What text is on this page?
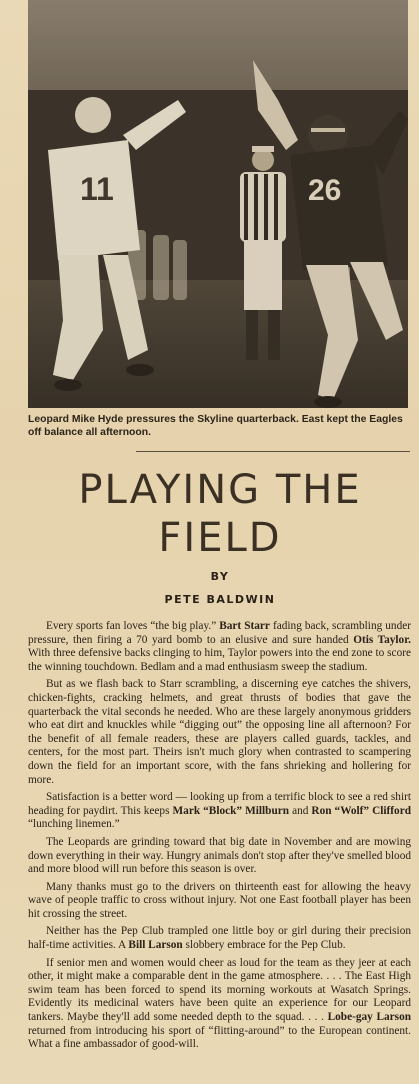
11	26
Leopard Mike Hyde pressures the Skyline quarterback. East kept the Eagles off balance all afternoon.
PLAYING THE
FIELD
BY
PETE BALDWIN

Every sports fan loves “the big play.” Bart Starr fading back, scrambling under pressure, then firing a 70 yard bomb to an elusive and sure handed Otis Taylor. With three defensive backs clinging to him, Taylor powers into the end zone to score the winning touchdown. Bedlam and a mad enthusiasm sweep the stadium.

But as we flash back to Starr scrambling, a discerning eye catches the shivers, chicken-fights, cracking helmets, and great thrusts of bodies that gave the quarterback the vital seconds he needed. Who are these largely anonymous gridders who eat dirt and knuckles while “digging out” the opposing line all afternoon? For the benefit of all female readers, these are players called guards, tackles, and centers, for the most part. Theirs isn't much glory when contrasted to scampering down the field for an important score, with the fans shrieking and hollering for more.

Satisfaction is a better word — looking up from a terrific block to see a red shirt heading for paydirt. This keeps Mark “Block” Millburn and Ron “Wolf” Clifford “lunching linemen.”

The Leopards are grinding toward that big date in November and are mowing down everything in their way. Hungry animals don't stop after they've smelled blood and more blood will run before this season is over.

Many thanks must go to the drivers on thirteenth east for allowing the heavy wave of people traffic to cross without injury. Not one East football player has been hit crossing the street.

Neither has the Pep Club trampled one little boy or girl during their precision half-time activities. A Bill Larson slobbery embrace for the Pep Club.

If senior men and women would cheer as loud for the team as they jeer at each other, it might make a comparable dent in the game atmosphere. . . . The East High swim team has been forced to spend its morning workouts at Wasatch Springs. Evidently its medicinal waters have been quite an experience for our Leopard tankers. Maybe they'll add some needed depth to the squad. . . . Lobe-gay Larson returned from introducing his sport of “flitting-around” to the European continent. What a fine ambassador of good-will.
